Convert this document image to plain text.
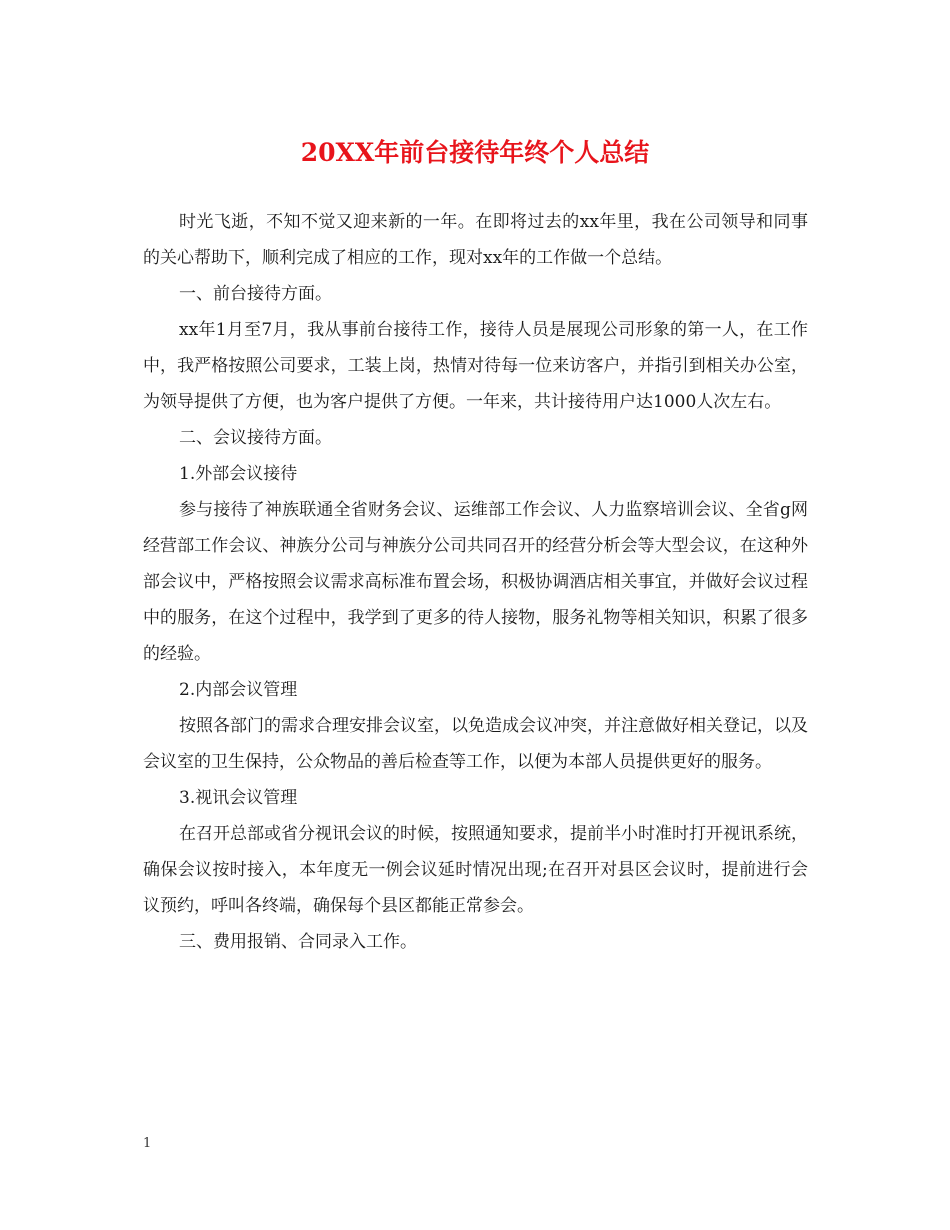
20XX年前台接待年终个人总结

时光飞逝，不知不觉又迎来新的一年。在即将过去的xx年里，我在公司领导和同事的关心帮助下，顺利完成了相应的工作，现对xx年的工作做一个总结。

一、前台接待方面。

xx年1月至7月，我从事前台接待工作，接待人员是展现公司形象的第一人，在工作中，我严格按照公司要求，工装上岗，热情对待每一位来访客户，并指引到相关办公室，为领导提供了方便，也为客户提供了方便。一年来，共计接待用户达1000人次左右。

二、会议接待方面。

1.外部会议接待

参与接待了神族联通全省财务会议、运维部工作会议、人力监察培训会议、全省g网经营部工作会议、神族分公司与神族分公司共同召开的经营分析会等大型会议，在这种外部会议中，严格按照会议需求高标准布置会场，积极协调酒店相关事宜，并做好会议过程中的服务，在这个过程中，我学到了更多的待人接物，服务礼物等相关知识，积累了很多的经验。

2.内部会议管理

按照各部门的需求合理安排会议室，以免造成会议冲突，并注意做好相关登记，以及会议室的卫生保持，公众物品的善后检查等工作，以便为本部人员提供更好的服务。

3.视讯会议管理

在召开总部或省分视讯会议的时候，按照通知要求，提前半小时准时打开视讯系统，确保会议按时接入，本年度无一例会议延时情况出现;在召开对县区会议时，提前进行会议预约，呼叫各终端，确保每个县区都能正常参会。

三、费用报销、合同录入工作。

1
